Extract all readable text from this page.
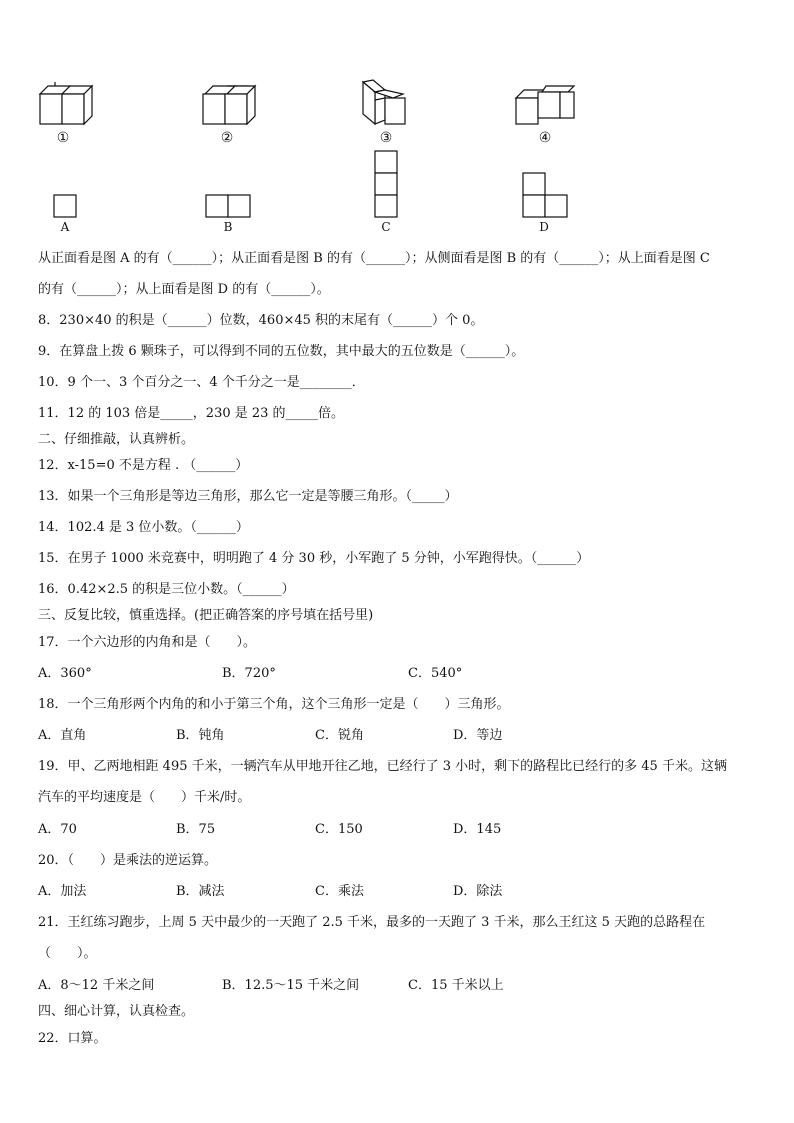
①	②	③	④
A	B	C	D
从正面看是图 A 的有（______）；从正面看是图 B 的有（______）；从侧面看是图 B 的有（______）；从上面看是图 C
的有（______）；从上面看是图 D 的有（______）。
8．230×40 的积是（______）位数，460×45 积的末尾有（______）个 0。
9．在算盘上拨 6 颗珠子，可以得到不同的五位数，其中最大的五位数是（______）。
10．9 个一、3 个百分之一、4 个千分之一是________．
11．12 的 103 倍是_____，230 是 23 的_____倍。
二、仔细推敲，认真辨析。
12．x-15=0 不是方程 . （______）
13．如果一个三角形是等边三角形，那么它一定是等腰三角形。（_____）
14．102.4 是 3 位小数。（______）
15．在男子 1000 米竞赛中，明明跑了 4 分 30 秒，小军跑了 5 分钟，小军跑得快。（______）
16．0.42×2.5 的积是三位小数。（______）
三、反复比较，慎重选择。(把正确答案的序号填在括号里)
17．一个六边形的内角和是（　　）。
A．360°	B．720°	C．540°
18．一个三角形两个内角的和小于第三个角，这个三角形一定是（　　）三角形。
A．直角	B．钝角	C．锐角	D．等边
19．甲、乙两地相距 495 千米，一辆汽车从甲地开往乙地，已经行了 3 小时，剩下的路程比已经行的多 45 千米。这辆
汽车的平均速度是（　　）千米/时。
A．70	B．75	C．150	D．145
20．（　　）是乘法的逆运算。
A．加法	B．减法	C．乘法	D．除法
21．王红练习跑步，上周 5 天中最少的一天跑了 2.5 千米，最多的一天跑了 3 千米，那么王红这 5 天跑的总路程在
（　　）。
A．8～12 千米之间	B．12.5～15 千米之间	C．15 千米以上
四、细心计算，认真检查。
22．口算。
